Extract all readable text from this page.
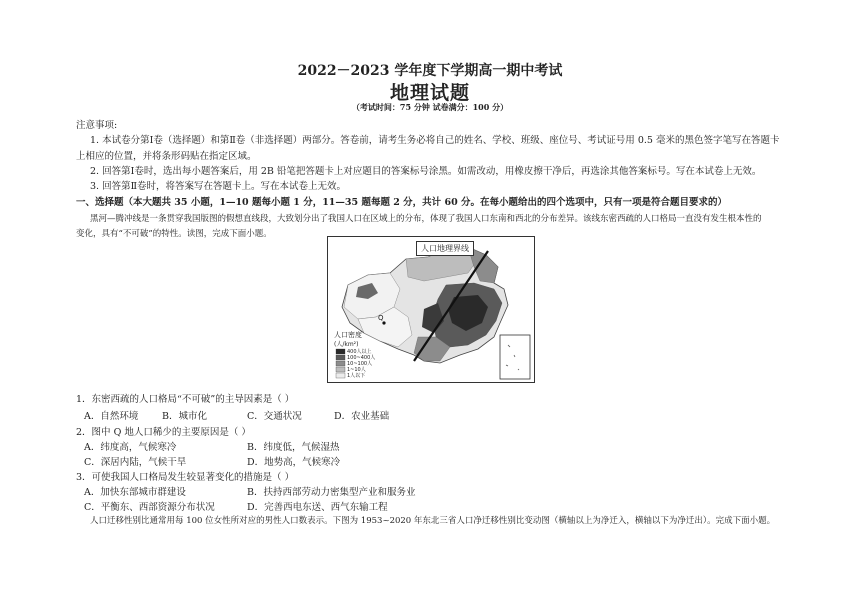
2022－2023 学年度下学期高一期中考试
地理试题
（考试时间：75 分钟 试卷满分：100 分）
注意事项:
1. 本试卷分第Ⅰ卷（选择题）和第Ⅱ卷（非选择题）两部分。答卷前，请考生务必将自己的姓名、学校、班级、座位号、考试证号用 0.5 毫米的黑色签字笔写在答题卡
上相应的位置，并将条形码贴在指定区域。
2. 回答第Ⅰ卷时，选出每小题答案后，用 2B 铅笔把答题卡上对应题目的答案标号涂黑。如需改动，用橡皮擦干净后，再选涂其他答案标号。写在本试卷上无效。
3. 回答第Ⅱ卷时，将答案写在答题卡上。写在本试卷上无效。
一、选择题（本大题共 35 小题，1—10 题每小题 1 分，11—35 题每题 2 分，共计 60 分。在每小题给出的四个选项中，只有一项是符合题目要求的）
黑河—腾冲线是一条贯穿我国版图的假想直线段，大致划分出了我国人口在区域上的分布，体现了我国人口东南和西北的分布差异。该线东密西疏的人口格局一直没有发生根本性的
变化，具有“不可破”的特性。读图，完成下面小题。
人口地理界线
Q
人口密度
(人/km²)
400人以上
100~400人
10~100人
1~10人
1人以下
1．东密西疏的人口格局“不可破”的主导因素是（ ）
A．自然环境 B．城市化	C．交通状况	D．农业基础
2．图中 Q 地人口稀少的主要原因是（ ）
A．纬度高，气候寒冷	B．纬度低，气候湿热
C．深居内陆，气候干旱	D．地势高，气候寒冷
3．可使我国人口格局发生较显著变化的措施是（ ）
A．加快东部城市群建设	B．扶持西部劳动力密集型产业和服务业
C．平衡东、西部资源分布状况	D．完善西电东送、西气东输工程
人口迁移性别比通常用每 100 位女性所对应的男性人口数表示。下图为 1953~2020 年东北三省人口净迁移性别比变动图（横轴以上为净迁入，横轴以下为净迁出）。完成下面小题。
